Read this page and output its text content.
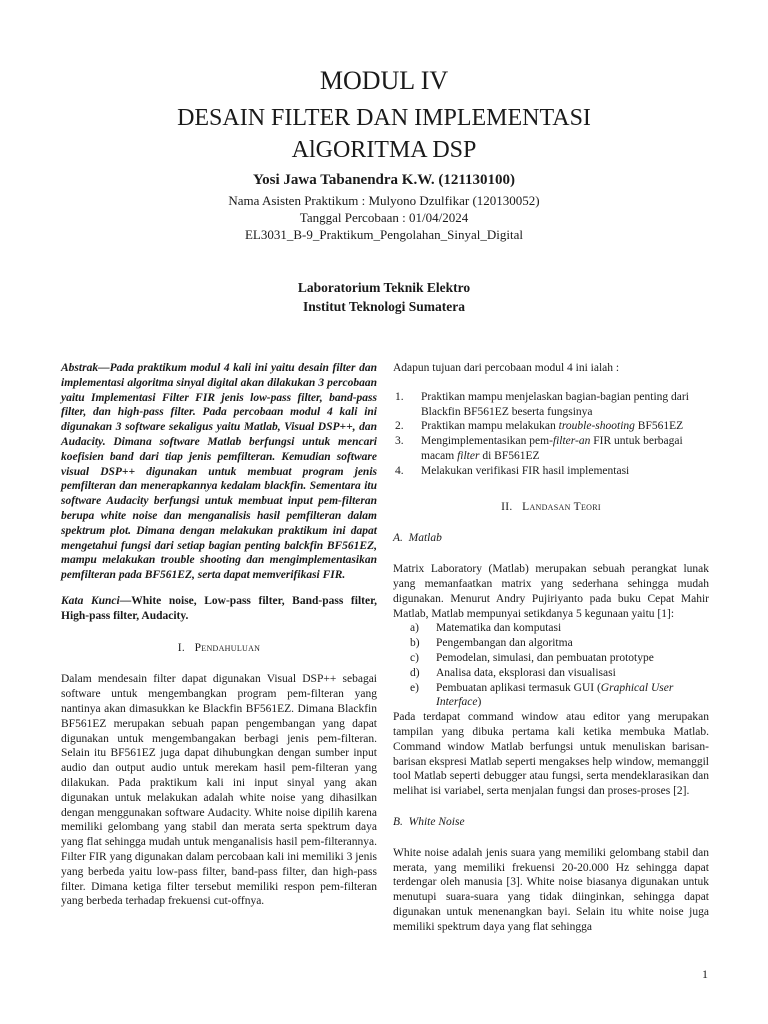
MODUL IV
DESAIN FILTER DAN IMPLEMENTASI
AlGORITMA DSP
Yosi Jawa Tabanendra K.W. (121130100)
Nama Asisten Praktikum : Mulyono Dzulfikar (120130052)
Tanggal Percobaan : 01/04/2024
EL3031_B-9_Praktikum_Pengolahan_Sinyal_Digital
Laboratorium Teknik Elektro
Institut Teknologi Sumatera

Abstrak—Pada praktikum modul 4 kali ini yaitu desain filter dan implementasi algoritma sinyal digital akan dilakukan 3 percobaan yaitu Implementasi Filter FIR jenis low-pass filter, band-pass filter, dan high-pass filter. Pada percobaan modul 4 kali ini digunakan 3 software sekaligus yaitu Matlab, Visual DSP++, dan Audacity. Dimana software Matlab berfungsi untuk mencari koefisien band dari tiap jenis pemfilteran. Kemudian software visual DSP++ digunakan untuk membuat program jenis pemfilteran dan menerapkannya kedalam blackfin. Sementara itu software Audacity berfungsi untuk membuat input pem-filteran berupa white noise dan menganalisis hasil pemfilteran dalam spektrum plot. Dimana dengan melakukan praktikum ini dapat mengetahui fungsi dari setiap bagian penting balckfin BF561EZ, mampu melakukan trouble shooting dan mengimplementasikan pemfilteran pada BF561EZ, serta dapat memverifikasi FIR.

Kata Kunci—White noise, Low-pass filter, Band-pass filter, High-pass filter, Audacity.

I. Pendahuluan

Dalam mendesain filter dapat digunakan Visual DSP++ sebagai software untuk mengembangkan program pem-filteran yang nantinya akan dimasukkan ke Blackfin BF561EZ. Dimana Blackfin BF561EZ merupakan sebuah papan pengembangan yang dapat digunakan untuk mengembangakan berbagi jenis pem-filteran. Selain itu BF561EZ juga dapat dihubungkan dengan sumber input audio dan output audio untuk merekam hasil pem-filteran yang dilakukan. Pada praktikum kali ini input sinyal yang akan digunakan untuk melakukan adalah white noise yang dihasilkan dengan menggunakan software Audacity. White noise dipilih karena memiliki gelombang yang stabil dan merata serta spektrum daya yang flat sehingga mudah untuk menganalisis hasil pem-filterannya. Filter FIR yang digunakan dalam percobaan kali ini memiliki 3 jenis yang berbeda yaitu low-pass filter, band-pass filter, dan high-pass filter. Dimana ketiga filter tersebut memiliki respon pem-filteran yang berbeda terhadap frekuensi cut-offnya.

Adapun tujuan dari percobaan modul 4 ini ialah :

1. Praktikan mampu menjelaskan bagian-bagian penting dari Blackfin BF561EZ beserta fungsinya
2. Praktikan mampu melakukan trouble-shooting BF561EZ
3. Mengimplementasikan pem-filter-an FIR untuk berbagai macam filter di BF561EZ
4. Melakukan verifikasi FIR hasil implementasi
II. Landasan Teori
A. Matlab

Matrix Laboratory (Matlab) merupakan sebuah perangkat lunak yang memanfaatkan matrix yang sederhana sehingga mudah digunakan. Menurut Andry Pujiriyanto pada buku Cepat Mahir Matlab, Matlab mempunyai setikdanya 5 kegunaan yaitu [1]:

a) Matematika dan komputasi
b) Pengembangan dan algoritma
c) Pemodelan, simulasi, dan pembuatan prototype
d) Analisa data, eksplorasi dan visualisasi
e) Pembuatan aplikasi termasuk GUI (Graphical User Interface)

Pada terdapat command window atau editor yang merupakan tampilan yang dibuka pertama kali ketika membuka Matlab. Command window Matlab berfungsi untuk menuliskan barisan-barisan ekspresi Matlab seperti mengakses help window, memanggil tool Matlab seperti debugger atau fungsi, serta mendeklarasikan dan melihat isi variabel, serta menjalan fungsi dan proses-proses [2].

B. White Noise

White noise adalah jenis suara yang memiliki gelombang stabil dan merata, yang memiliki frekuensi 20-20.000 Hz sehingga dapat terdengar oleh manusia [3]. White noise biasanya digunakan untuk menutupi suara-suara yang tidak diinginkan, sehingga dapat digunakan untuk menenangkan bayi. Selain itu white noise juga memiliki spektrum daya yang flat sehingga

1
